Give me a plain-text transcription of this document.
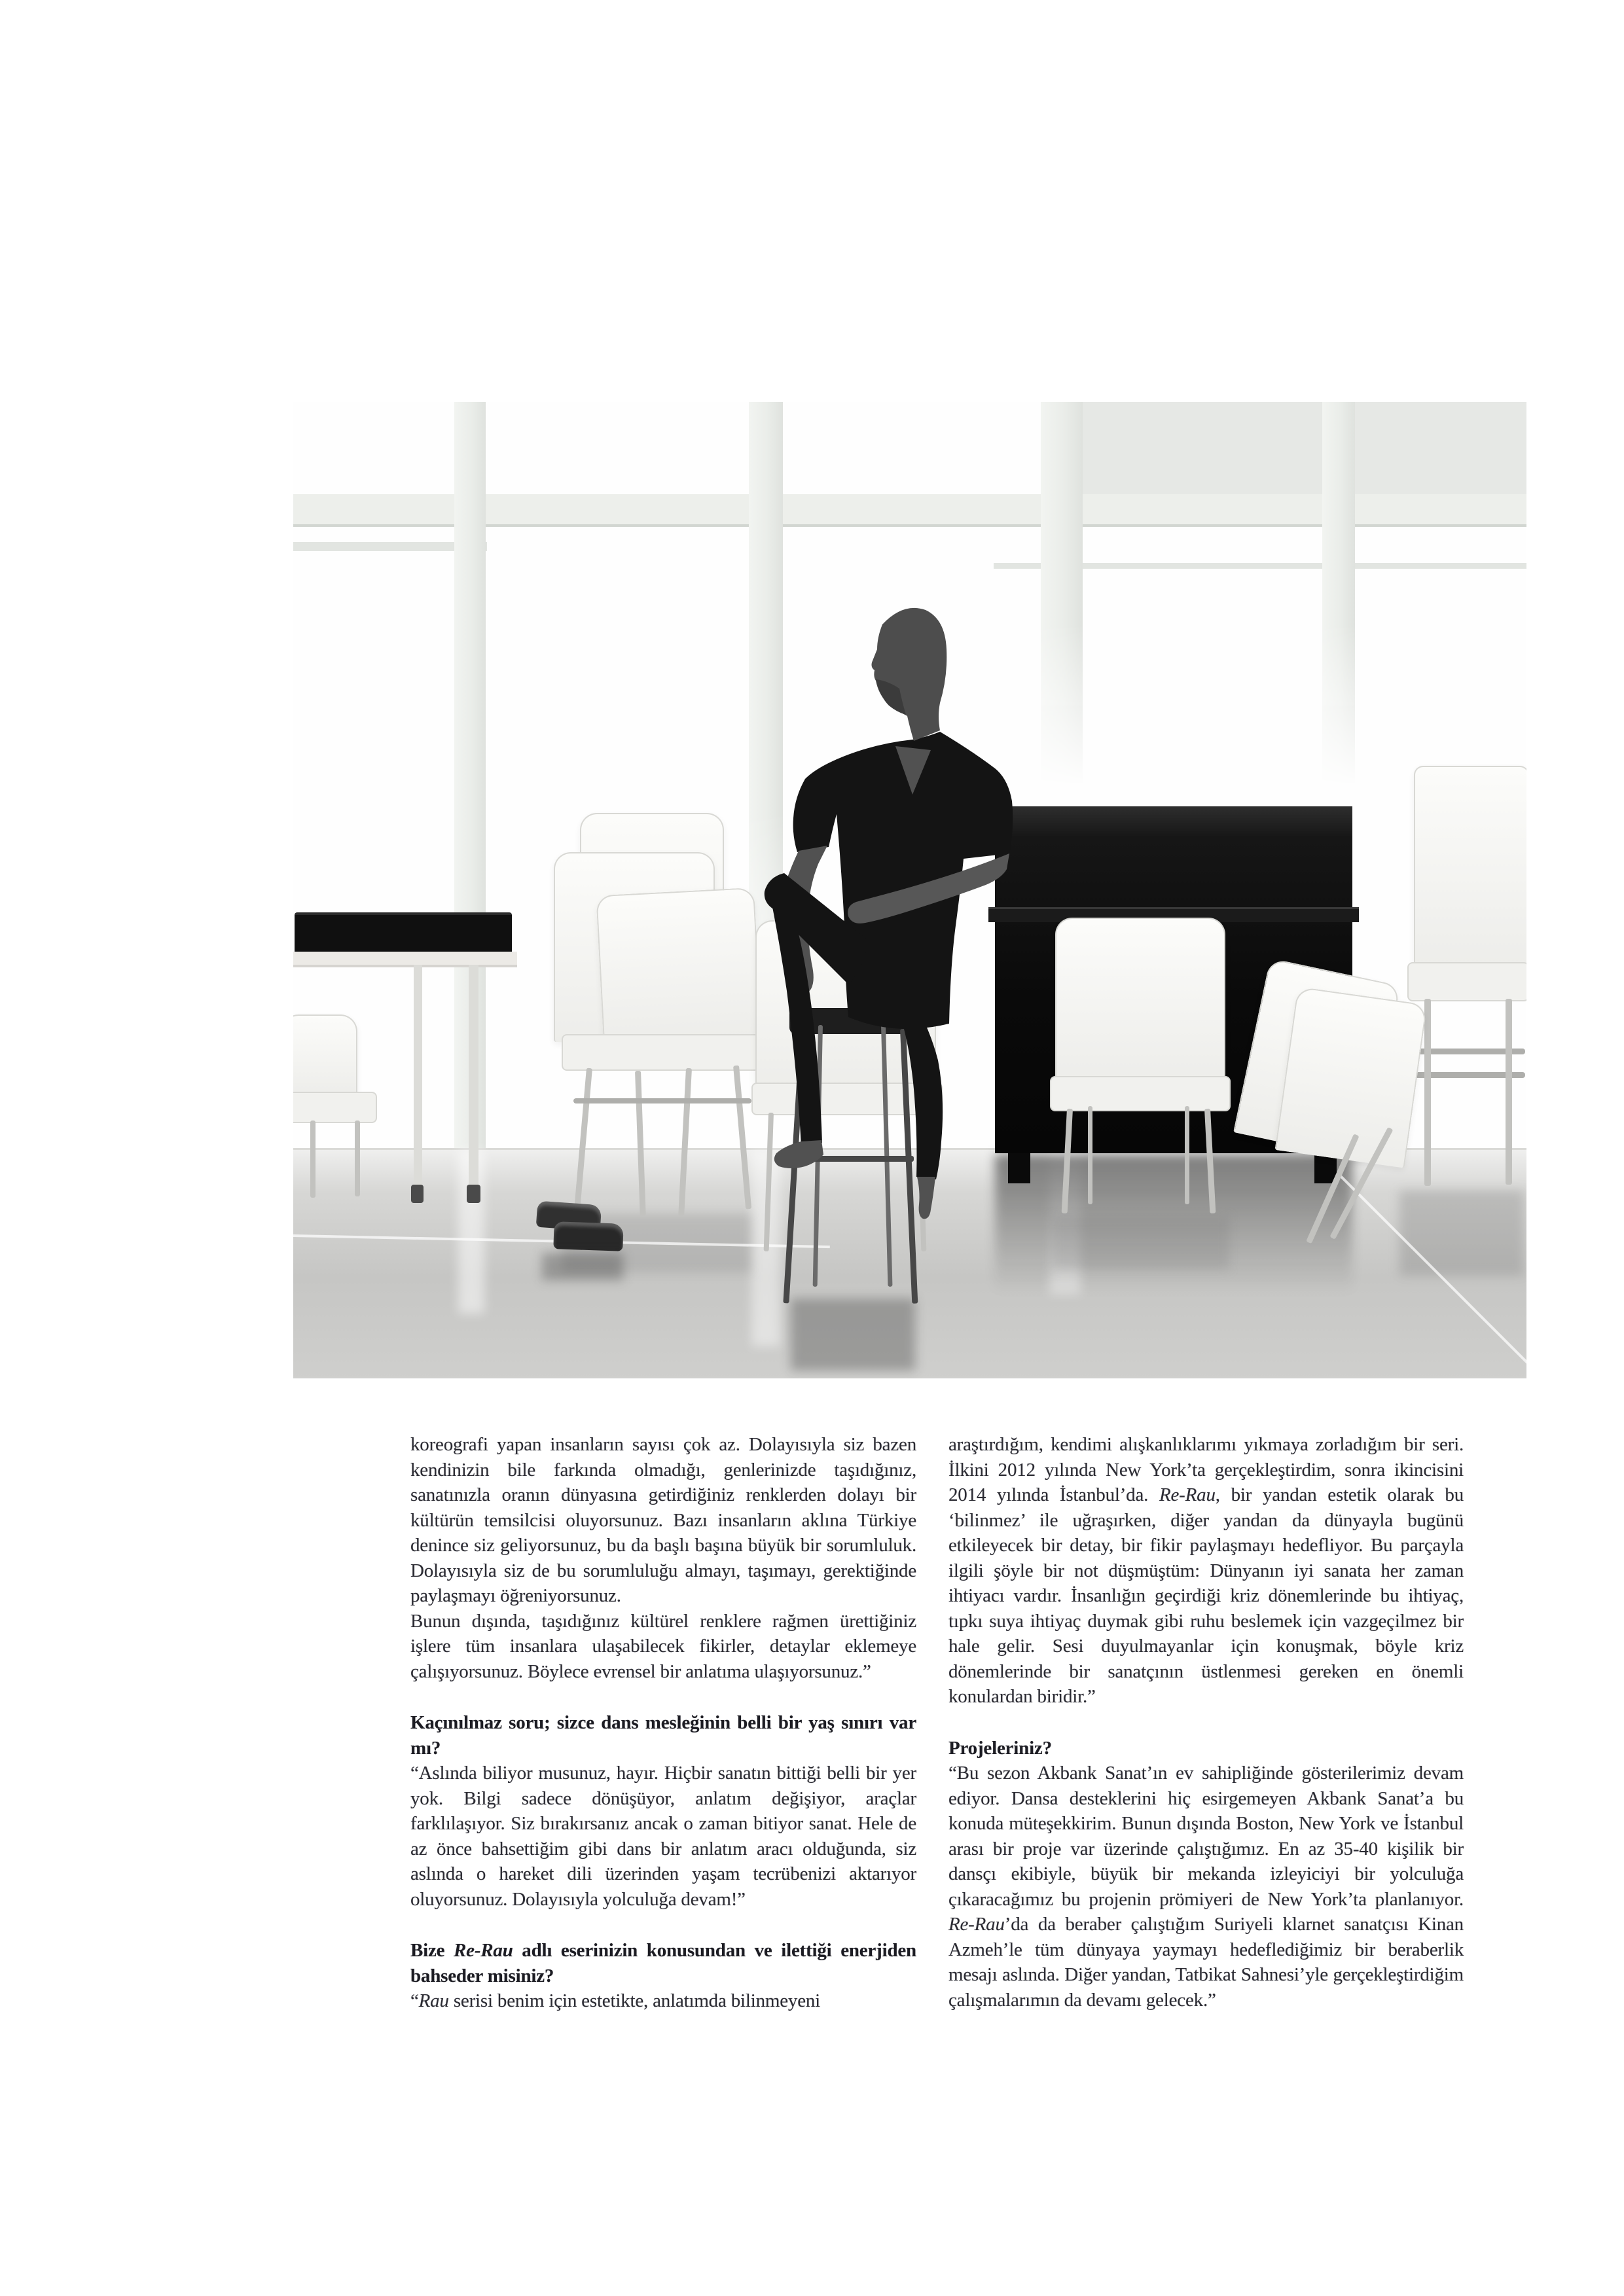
koreografi yapan insanların sayısı çok az. Dolayısıyla siz bazen kendinizin bile farkında olmadığı, genlerinizde taşıdığınız, sanatınızla oranın dünyasına getirdiğiniz renklerden dolayı bir kültürün temsilcisi oluyorsunuz. Bazı insanların aklına Türkiye denince siz geliyorsunuz, bu da başlı başına büyük bir sorumluluk. Dolayısıyla siz de bu sorumluluğu almayı, taşımayı, gerektiğinde paylaşmayı öğreniyorsunuz.

Bunun dışında, taşıdığınız kültürel renklere rağmen ürettiğiniz işlere tüm insanlara ulaşabilecek fikirler, detaylar eklemeye çalışıyorsunuz. Böylece evrensel bir anlatıma ulaşıyorsunuz.”

Kaçınılmaz soru; sizce dans mesleğinin belli bir yaş sınırı var mı?

“Aslında biliyor musunuz, hayır. Hiçbir sanatın bittiği belli bir yer yok. Bilgi sadece dönüşüyor, anlatım değişiyor, araçlar farklılaşıyor. Siz bırakırsanız ancak o zaman bitiyor sanat. Hele de az önce bahsettiğim gibi dans bir anlatım aracı olduğunda, siz aslında o hareket dili üzerinden yaşam tecrübenizi aktarıyor oluyorsunuz. Dolayısıyla yolculuğa devam!”

Bize Re-Rau adlı eserinizin konusundan ve ilettiği enerjiden bahseder misiniz?

“Rau serisi benim için estetikte, anlatımda bilinmeyeni

araştırdığım, kendimi alışkanlıklarımı yıkmaya zorladığım bir seri. İlkini 2012 yılında New York’ta gerçekleştirdim, sonra ikincisini 2014 yılında İstanbul’da. Re-Rau, bir yandan estetik olarak bu ‘bilinmez’ ile uğraşırken, diğer yandan da dünyayla bugünü etkileyecek bir detay, bir fikir paylaşmayı hedefliyor. Bu parçayla ilgili şöyle bir not düşmüştüm: Dünyanın iyi sanata her zaman ihtiyacı vardır. İnsanlığın geçirdiği kriz dönemlerinde bu ihtiyaç, tıpkı suya ihtiyaç duymak gibi ruhu beslemek için vazgeçilmez bir hale gelir. Sesi duyulmayanlar için konuşmak, böyle kriz dönemlerinde bir sanatçının üstlenmesi gereken en önemli konulardan biridir.”

Projeleriniz?

“Bu sezon Akbank Sanat’ın ev sahipliğinde gösterilerimiz devam ediyor. Dansa desteklerini hiç esirgemeyen Akbank Sanat’a bu konuda müteşekkirim. Bunun dışında Boston, New York ve İstanbul arası bir proje var üzerinde çalıştığımız. En az 35-40 kişilik bir dansçı ekibiyle, büyük bir mekanda izleyiciyi bir yolculuğa çıkaracağımız bu projenin prömiyeri de New York’ta planlanıyor. Re-Rau’da da beraber çalıştığım Suriyeli klarnet sanatçısı Kinan Azmeh’le tüm dünyaya yaymayı hedeflediğimiz bir beraberlik mesajı aslında. Diğer yandan, Tatbikat Sahnesi’yle gerçekleştirdiğim çalışmalarımın da devamı gelecek.”
